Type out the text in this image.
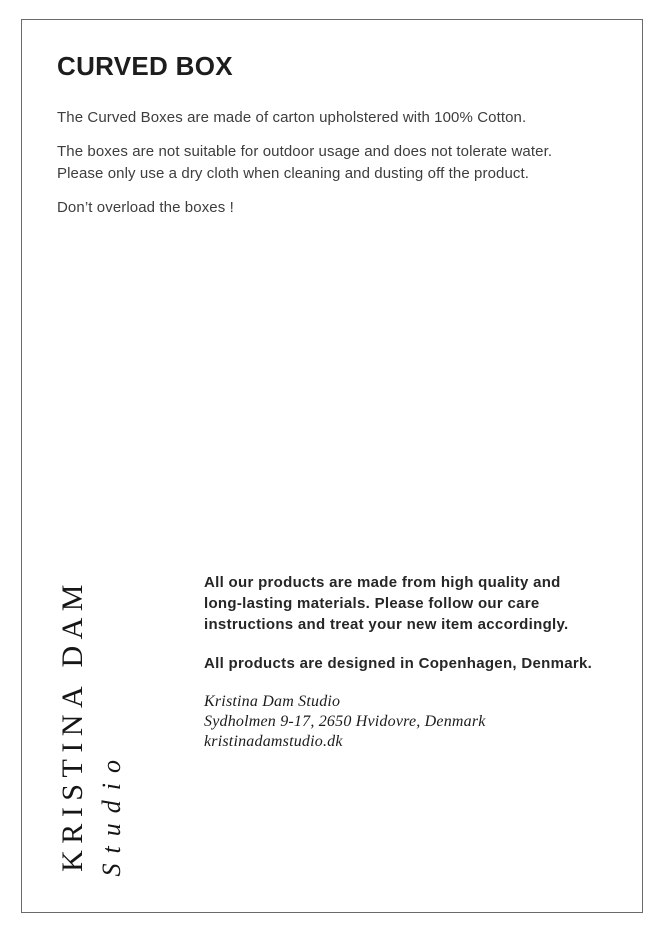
CURVED BOX

The Curved Boxes are made of carton upholstered with 100% Cotton.

The boxes are not suitable for outdoor usage and does not tolerate water.
Please only use a dry cloth when cleaning and dusting off the product.

Don’t overload the boxes !

KRISTINA DAM Studio
All our products are made from high quality and
long-lasting materials. Please follow our care
instructions and treat your new item accordingly.
All products are designed in Copenhagen, Denmark.
Kristina Dam Studio
Sydholmen 9-17, 2650 Hvidovre, Denmark
kristinadamstudio.dk
